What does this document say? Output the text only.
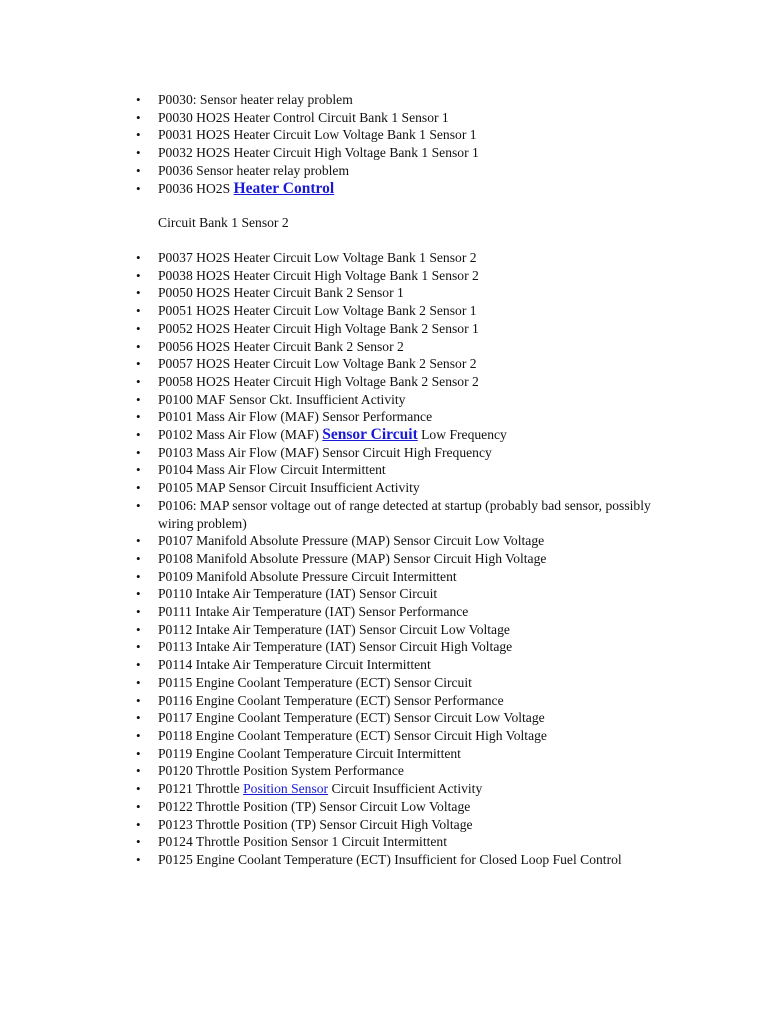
• P0030: Sensor heater relay problem
• P0030 HO2S Heater Control Circuit Bank 1 Sensor 1
• P0031 HO2S Heater Circuit Low Voltage Bank 1 Sensor 1
• P0032 HO2S Heater Circuit High Voltage Bank 1 Sensor 1
• P0036 Sensor heater relay problem
• P0036 HO2S Heater Control

Circuit Bank 1 Sensor 2

• P0037 HO2S Heater Circuit Low Voltage Bank 1 Sensor 2
• P0038 HO2S Heater Circuit High Voltage Bank 1 Sensor 2
• P0050 HO2S Heater Circuit Bank 2 Sensor 1
• P0051 HO2S Heater Circuit Low Voltage Bank 2 Sensor 1
• P0052 HO2S Heater Circuit High Voltage Bank 2 Sensor 1
• P0056 HO2S Heater Circuit Bank 2 Sensor 2
• P0057 HO2S Heater Circuit Low Voltage Bank 2 Sensor 2
• P0058 HO2S Heater Circuit High Voltage Bank 2 Sensor 2
• P0100 MAF Sensor Ckt. Insufficient Activity
• P0101 Mass Air Flow (MAF) Sensor Performance
• P0102 Mass Air Flow (MAF) Sensor Circuit Low Frequency
• P0103 Mass Air Flow (MAF) Sensor Circuit High Frequency
• P0104 Mass Air Flow Circuit Intermittent
• P0105 MAP Sensor Circuit Insufficient Activity
• P0106: MAP sensor voltage out of range detected at startup (probably bad sensor, possibly wiring problem)
• P0107 Manifold Absolute Pressure (MAP) Sensor Circuit Low Voltage
• P0108 Manifold Absolute Pressure (MAP) Sensor Circuit High Voltage
• P0109 Manifold Absolute Pressure Circuit Intermittent
• P0110 Intake Air Temperature (IAT) Sensor Circuit
• P0111 Intake Air Temperature (IAT) Sensor Performance
• P0112 Intake Air Temperature (IAT) Sensor Circuit Low Voltage
• P0113 Intake Air Temperature (IAT) Sensor Circuit High Voltage
• P0114 Intake Air Temperature Circuit Intermittent
• P0115 Engine Coolant Temperature (ECT) Sensor Circuit
• P0116 Engine Coolant Temperature (ECT) Sensor Performance
• P0117 Engine Coolant Temperature (ECT) Sensor Circuit Low Voltage
• P0118 Engine Coolant Temperature (ECT) Sensor Circuit High Voltage
• P0119 Engine Coolant Temperature Circuit Intermittent
• P0120 Throttle Position System Performance
• P0121 Throttle Position Sensor Circuit Insufficient Activity
• P0122 Throttle Position (TP) Sensor Circuit Low Voltage
• P0123 Throttle Position (TP) Sensor Circuit High Voltage
• P0124 Throttle Position Sensor 1 Circuit Intermittent
• P0125 Engine Coolant Temperature (ECT) Insufficient for Closed Loop Fuel Control
